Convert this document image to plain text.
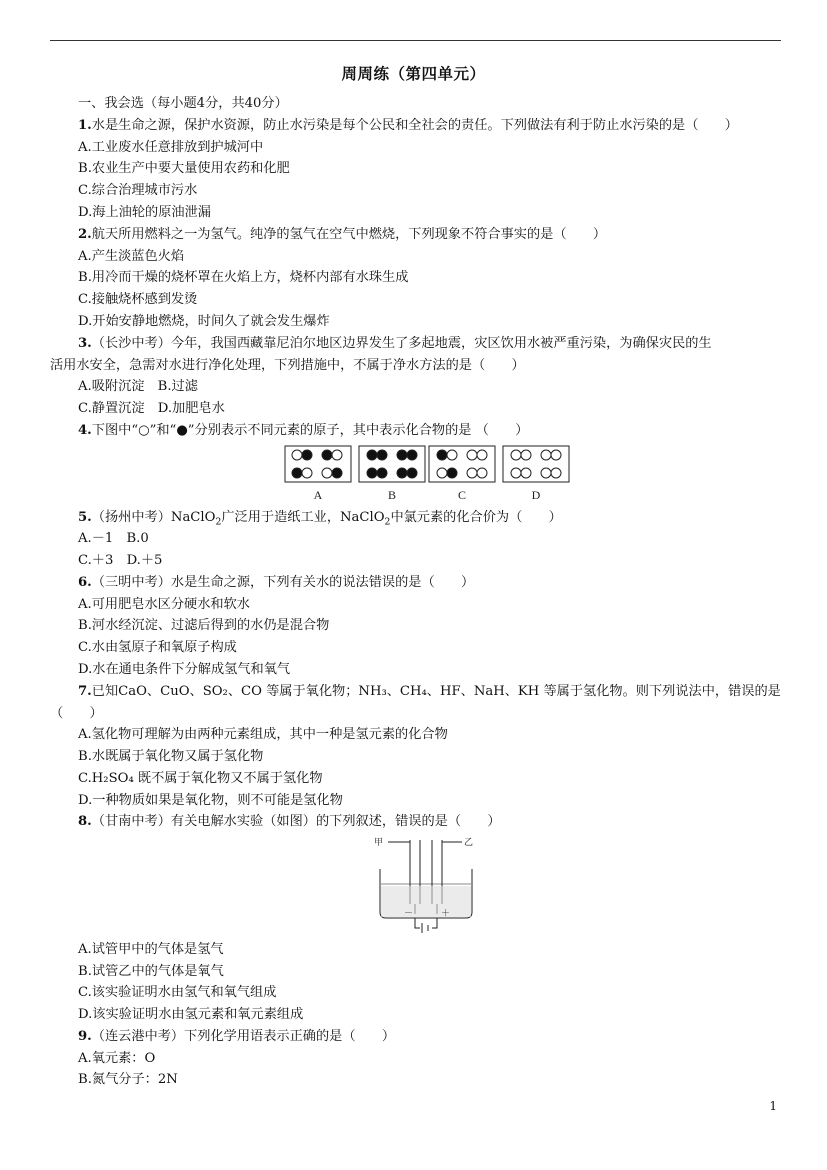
周周练（第四单元）
一、我会选（每小题4分，共40分）
1.水是生命之源，保护水资源，防止水污染是每个公民和全社会的责任。下列做法有利于防止水污染的是（　　）
A.工业废水任意排放到护城河中
B.农业生产中要大量使用农药和化肥
C.综合治理城市污水
D.海上油轮的原油泄漏
2.航天所用燃料之一为氢气。纯净的氢气在空气中燃烧，下列现象不符合事实的是（　　）
A.产生淡蓝色火焰
B.用冷而干燥的烧杯罩在火焰上方，烧杯内部有水珠生成
C.接触烧杯感到发烫
D.开始安静地燃烧，时间久了就会发生爆炸
3.（长沙中考）今年，我国西藏靠尼泊尔地区边界发生了多起地震，灾区饮用水被严重污染，为确保灾民的生
活用水安全，急需对水进行净化处理，下列措施中，不属于净水方法的是（　　）
A.吸附沉淀　B.过滤
C.静置沉淀　D.加肥皂水
4.下图中“○”和“●”分别表示不同元素的原子，其中表示化合物的是 （　　）
A	B	C	D
5.（扬州中考）NaClO$_2$广泛用于造纸工业，NaClO$_2$中氯元素的化合价为（　　）
A.－1　B.0
C.＋3　D.＋5
6.（三明中考）水是生命之源，下列有关水的说法错误的是（　　）
A.可用肥皂水区分硬水和软水
B.河水经沉淀、过滤后得到的水仍是混合物
C.水由氢原子和氧原子构成
D.水在通电条件下分解成氢气和氧气
7.已知CaO、CuO、SO₂、CO 等属于氧化物；NH₃、CH₄、HF、NaH、KH 等属于氢化物。则下列说法中，错误的是
（　　）
A.氢化物可理解为由两种元素组成，其中一种是氢元素的化合物
B.水既属于氧化物又属于氢化物
C.H₂SO₄ 既不属于氧化物又不属于氢化物
D.一种物质如果是氧化物，则不可能是氢化物
8.（甘南中考）有关电解水实验（如图）的下列叙述，错误的是（　　）
甲	乙
－	＋
A.试管甲中的气体是氢气
B.试管乙中的气体是氧气
C.该实验证明水由氢气和氧气组成
D.该实验证明水由氢元素和氧元素组成
9.（连云港中考）下列化学用语表示正确的是（　　）
A.氧元素：O
B.氮气分子：2N
1
